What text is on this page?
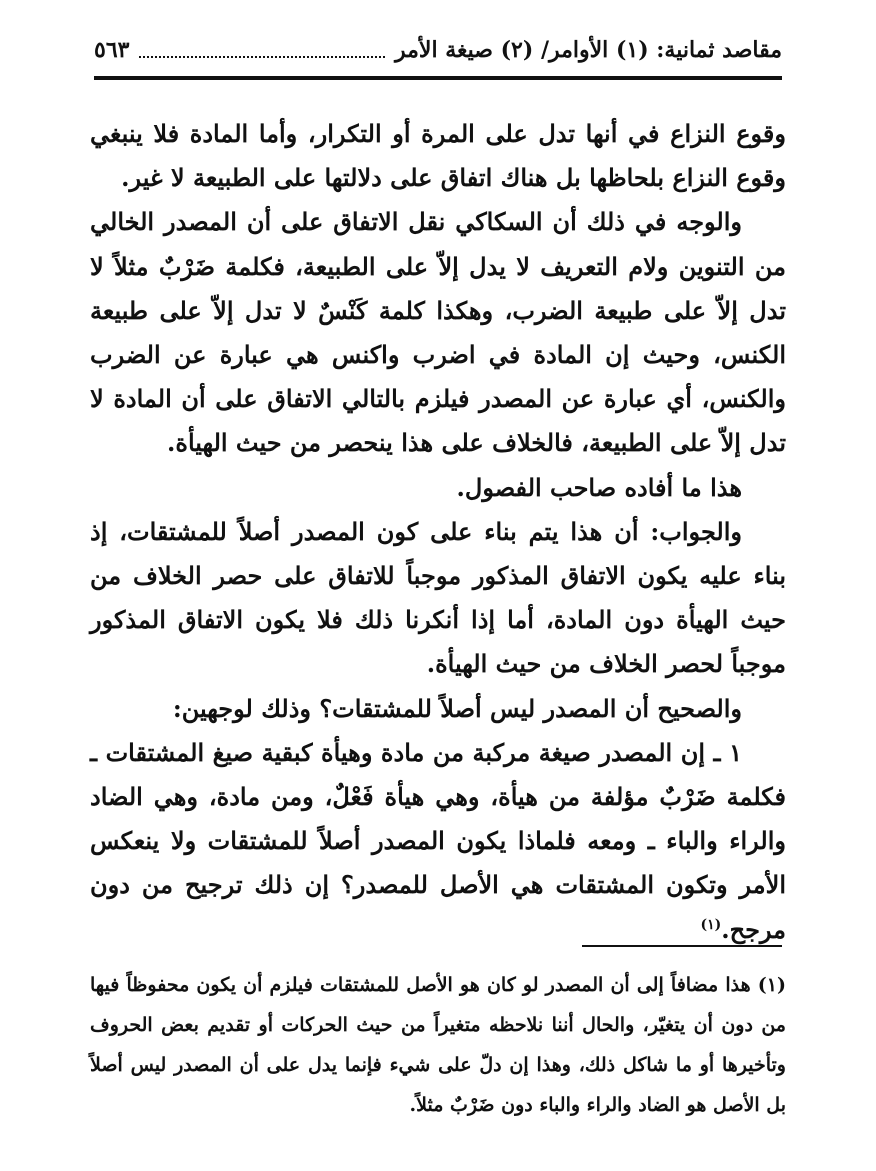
مقاصد ثمانية: (١) الأوامر/ (٢) صيغة الأمر
٥٦٣

وقوع النزاع في أنها تدل على المرة أو التكرار، وأما المادة فلا ينبغي وقوع النزاع بلحاظها بل هناك اتفاق على دلالتها على الطبيعة لا غير.

والوجه في ذلك أن السكاكي نقل الاتفاق على أن المصدر الخالي من التنوين ولام التعريف لا يدل إلاّ على الطبيعة، فكلمة ضَرْبٌ مثلاً لا تدل إلاّ على طبيعة الضرب، وهكذا كلمة كَنْسٌ لا تدل إلاّ على طبيعة الكنس، وحيث إن المادة في اضرب واكنس هي عبارة عن الضرب والكنس، أي عبارة عن المصدر فيلزم بالتالي الاتفاق على أن المادة لا تدل إلاّ على الطبيعة، فالخلاف على هذا ينحصر من حيث الهيأة.

هذا ما أفاده صاحب الفصول.

والجواب: أن هذا يتم بناء على كون المصدر أصلاً للمشتقات، إذ بناء عليه يكون الاتفاق المذكور موجباً للاتفاق على حصر الخلاف من حيث الهيأة دون المادة، أما إذا أنكرنا ذلك فلا يكون الاتفاق المذكور موجباً لحصر الخلاف من حيث الهيأة.

والصحيح أن المصدر ليس أصلاً للمشتقات؟ وذلك لوجهين:

١ ـ إن المصدر صيغة مركبة من مادة وهيأة كبقية صيغ المشتقات ـ فكلمة ضَرْبٌ مؤلفة من هيأة، وهي هيأة فَعْلٌ، ومن مادة، وهي الضاد والراء والباء ـ ومعه فلماذا يكون المصدر أصلاً للمشتقات ولا ينعكس الأمر وتكون المشتقات هي الأصل للمصدر؟ إن ذلك ترجيح من دون مرجح.$^{(١)}$

(١) هذا مضافاً إلى أن المصدر لو كان هو الأصل للمشتقات فيلزم أن يكون محفوظاً فيها من دون أن يتغيّر، والحال أننا نلاحظه متغيراً من حيث الحركات أو تقديم بعض الحروف وتأخيرها أو ما شاكل ذلك، وهذا إن دلّ على شيء فإنما يدل على أن المصدر ليس أصلاً بل الأصل هو الضاد والراء والباء دون ضَرْبٌ مثلاً.
